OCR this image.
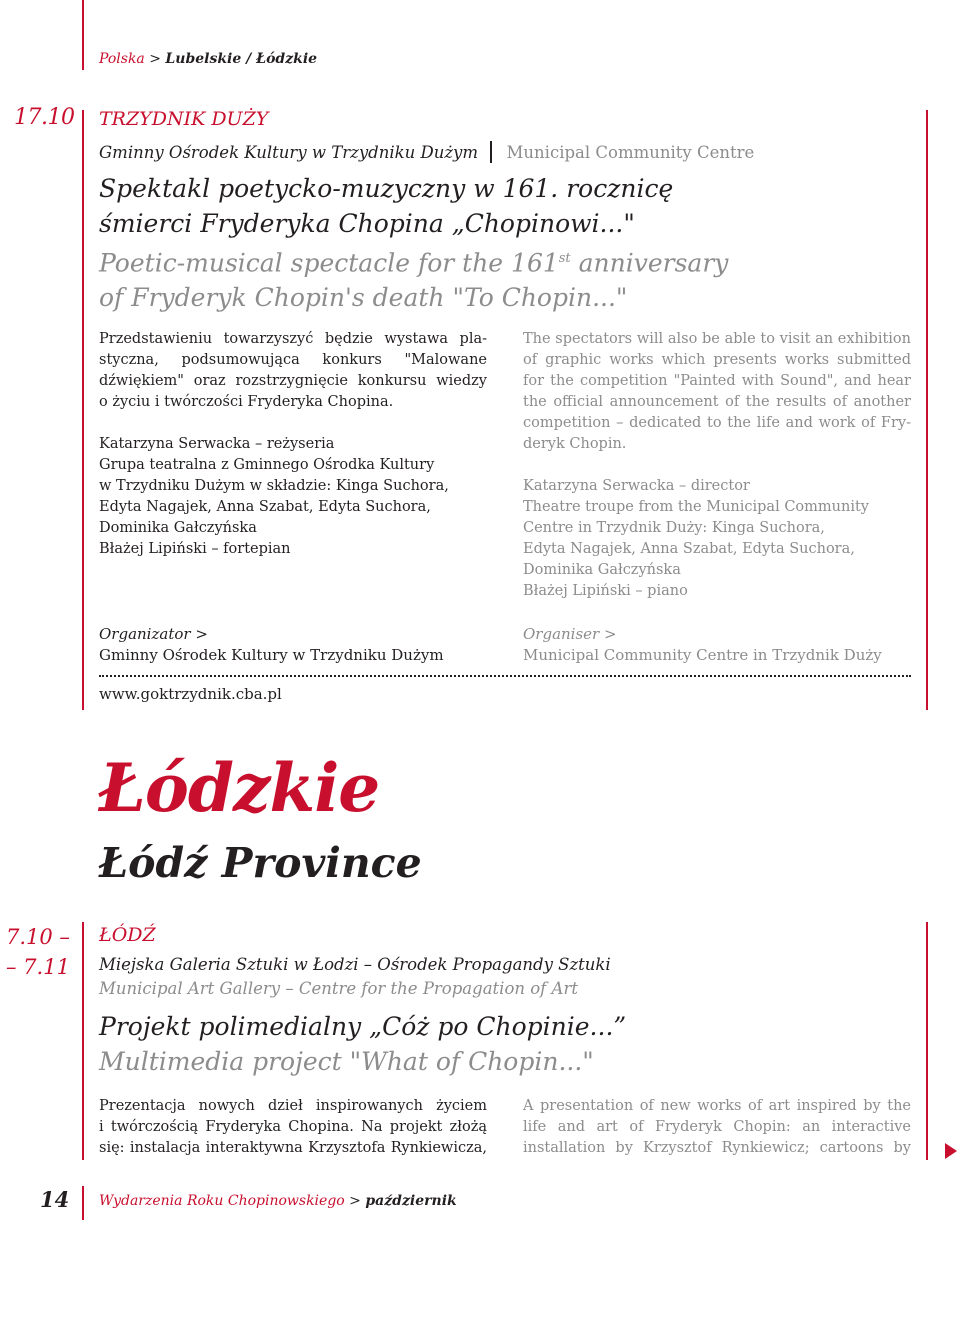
Polska > Lubelskie / Łódzkie
17.10 TRZYDNIK DUŻY
Gminny Ośrodek Kultury w Trzydniku Dużym Municipal Community Centre
Spektakl poetycko-muzyczny w 161. rocznicę
śmierci Fryderyka Chopina „Chopinowi..."
Poetic-musical spectacle for the 161st anniversary
of Fryderyk Chopin's death "To Chopin..."
Przedstawieniu towarzyszyć będzie wystawa pla-
styczna, podsumowująca konkurs "Malowane
dźwiękiem" oraz rozstrzygnięcie konkursu wiedzy
o życiu i twórczości Fryderyka Chopina.
Katarzyna Serwacka – reżyseria
Grupa teatralna z Gminnego Ośrodka Kultury
w Trzydniku Dużym w składzie: Kinga Suchora,
Edyta Nagajek, Anna Szabat, Edyta Suchora,
Dominika Gałczyńska
Błażej Lipiński – fortepian
The spectators will also be able to visit an exhibition
of graphic works which presents works submitted
for the competition "Painted with Sound", and hear
the official announcement of the results of another
competition – dedicated to the life and work of Fry-
deryk Chopin.
Katarzyna Serwacka – director
Theatre troupe from the Municipal Community
Centre in Trzydnik Duży: Kinga Suchora,
Edyta Nagajek, Anna Szabat, Edyta Suchora,
Dominika Gałczyńska
Błażej Lipiński – piano
Organizator >
Gminny Ośrodek Kultury w Trzydniku Dużym
Organiser >
Municipal Community Centre in Trzydnik Duży
www.goktrzydnik.cba.pl
Łódzkie
Łódź Province
7.10 –
– 7.11
ŁÓDŹ
Miejska Galeria Sztuki w Łodzi – Ośrodek Propagandy Sztuki
Municipal Art Gallery – Centre for the Propagation of Art
Projekt polimedialny „Cóż po Chopinie...”
Multimedia project "What of Chopin..."
Prezentacja nowych dzieł inspirowanych życiem
i twórczością Fryderyka Chopina. Na projekt złożą
się: instalacja interaktywna Krzysztofa Rynkiewicza,
A presentation of new works of art inspired by the
life and art of Fryderyk Chopin: an interactive
installation by Krzysztof Rynkiewicz; cartoons by
14 Wydarzenia Roku Chopinowskiego > październik
